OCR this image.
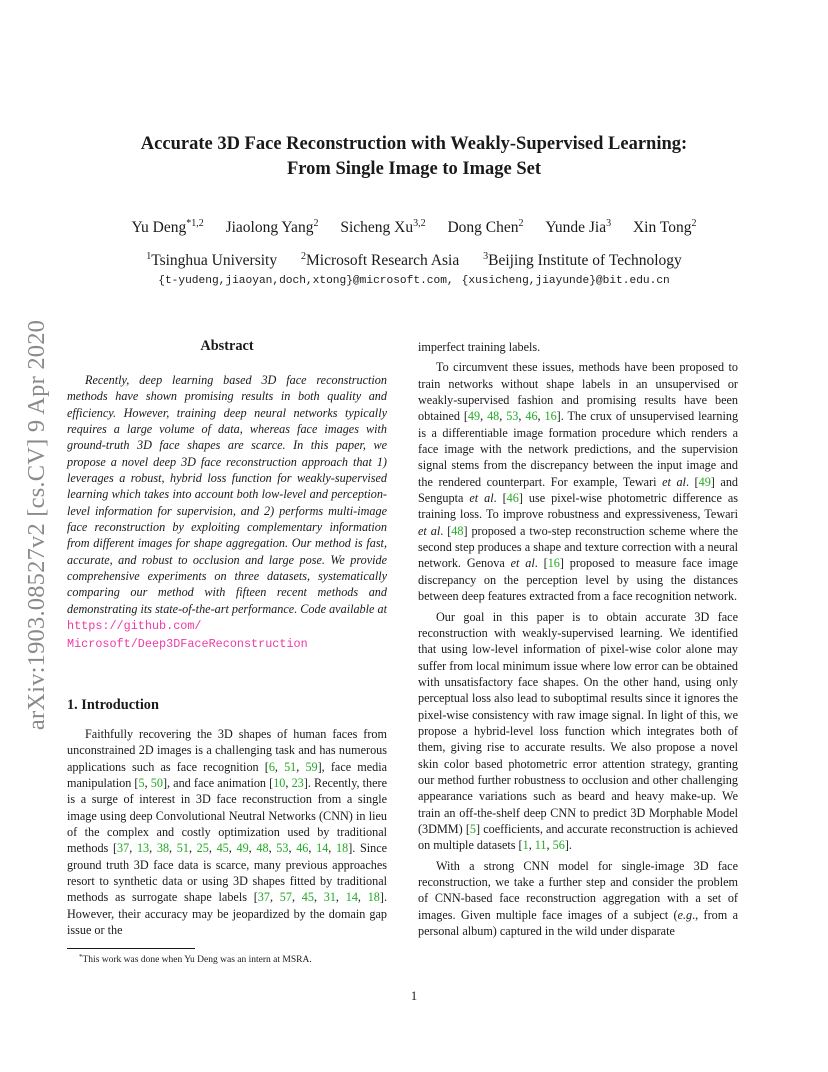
arXiv:1903.08527v2 [cs.CV] 9 Apr 2020
Accurate 3D Face Reconstruction with Weakly-Supervised Learning:
From Single Image to Image Set
Yu Deng$^{*1,2}$ Jiaolong Yang$^2$ Sicheng Xu$^{3,2}$ Dong Chen$^2$ Yunde Jia$^3$ Xin Tong$^2$
$^1$Tsinghua University $^2$Microsoft Research Asia $^3$Beijing Institute of Technology
{t-yudeng,jiaoyan,doch,xtong}@microsoft.com, {xusicheng,jiayunde}@bit.edu.cn
Abstract

Recently, deep learning based 3D face reconstruction methods have shown promising results in both quality and efficiency. However, training deep neural networks typically requires a large volume of data, whereas face images with ground-truth 3D face shapes are scarce. In this paper, we propose a novel deep 3D face reconstruction approach that 1) leverages a robust, hybrid loss function for weakly-supervised learning which takes into account both low-level and perception-level information for supervision, and 2) performs multi-image face reconstruction by exploiting complementary information from different images for shape aggregation. Our method is fast, accurate, and robust to occlusion and large pose. We provide comprehensive experiments on three datasets, systematically comparing our method with fifteen recent methods and demonstrating its state-of-the-art performance. Code available at https://github.com/

Microsoft/Deep3DFaceReconstruction

1. Introduction

Faithfully recovering the 3D shapes of human faces from unconstrained 2D images is a challenging task and has numerous applications such as face recognition [6, 51, 59], face media manipulation [5, 50], and face animation [10, 23]. Recently, there is a surge of interest in 3D face reconstruction from a single image using deep Convolutional Neutral Networks (CNN) in lieu of the complex and costly optimization used by traditional methods [37, 13, 38, 51, 25, 45, 49, 48, 53, 46, 14, 18]. Since ground truth 3D face data is scarce, many previous approaches resort to synthetic data or using 3D shapes fitted by traditional methods as surrogate shape labels [37, 57, 45, 31, 14, 18]. However, their accuracy may be jeopardized by the domain gap issue or the

imperfect training labels.

To circumvent these issues, methods have been proposed to train networks without shape labels in an unsupervised or weakly-supervised fashion and promising results have been obtained [49, 48, 53, 46, 16]. The crux of unsupervised learning is a differentiable image formation procedure which renders a face image with the network predictions, and the supervision signal stems from the discrepancy between the input image and the rendered counterpart. For example, Tewari et al. [49] and Sengupta et al. [46] use pixel-wise photometric difference as training loss. To improve robustness and expressiveness, Tewari et al. [48] proposed a two-step reconstruction scheme where the second step produces a shape and texture correction with a neural network. Genova et al. [16] proposed to measure face image discrepancy on the perception level by using the distances between deep features extracted from a face recognition network.

Our goal in this paper is to obtain accurate 3D face reconstruction with weakly-supervised learning. We identified that using low-level information of pixel-wise color alone may suffer from local minimum issue where low error can be obtained with unsatisfactory face shapes. On the other hand, using only perceptual loss also lead to suboptimal results since it ignores the pixel-wise consistency with raw image signal. In light of this, we propose a hybrid-level loss function which integrates both of them, giving rise to accurate results. We also propose a novel skin color based photometric error attention strategy, granting our method further robustness to occlusion and other challenging appearance variations such as beard and heavy make-up. We train an off-the-shelf deep CNN to predict 3D Morphable Model (3DMM) [5] coefficients, and accurate reconstruction is achieved on multiple datasets [1, 11, 56].

With a strong CNN model for single-image 3D face reconstruction, we take a further step and consider the problem of CNN-based face reconstruction aggregation with a set of images. Given multiple face images of a subject (e.g., from a personal album) captured in the wild under disparate

*This work was done when Yu Deng was an intern at MSRA.
1
